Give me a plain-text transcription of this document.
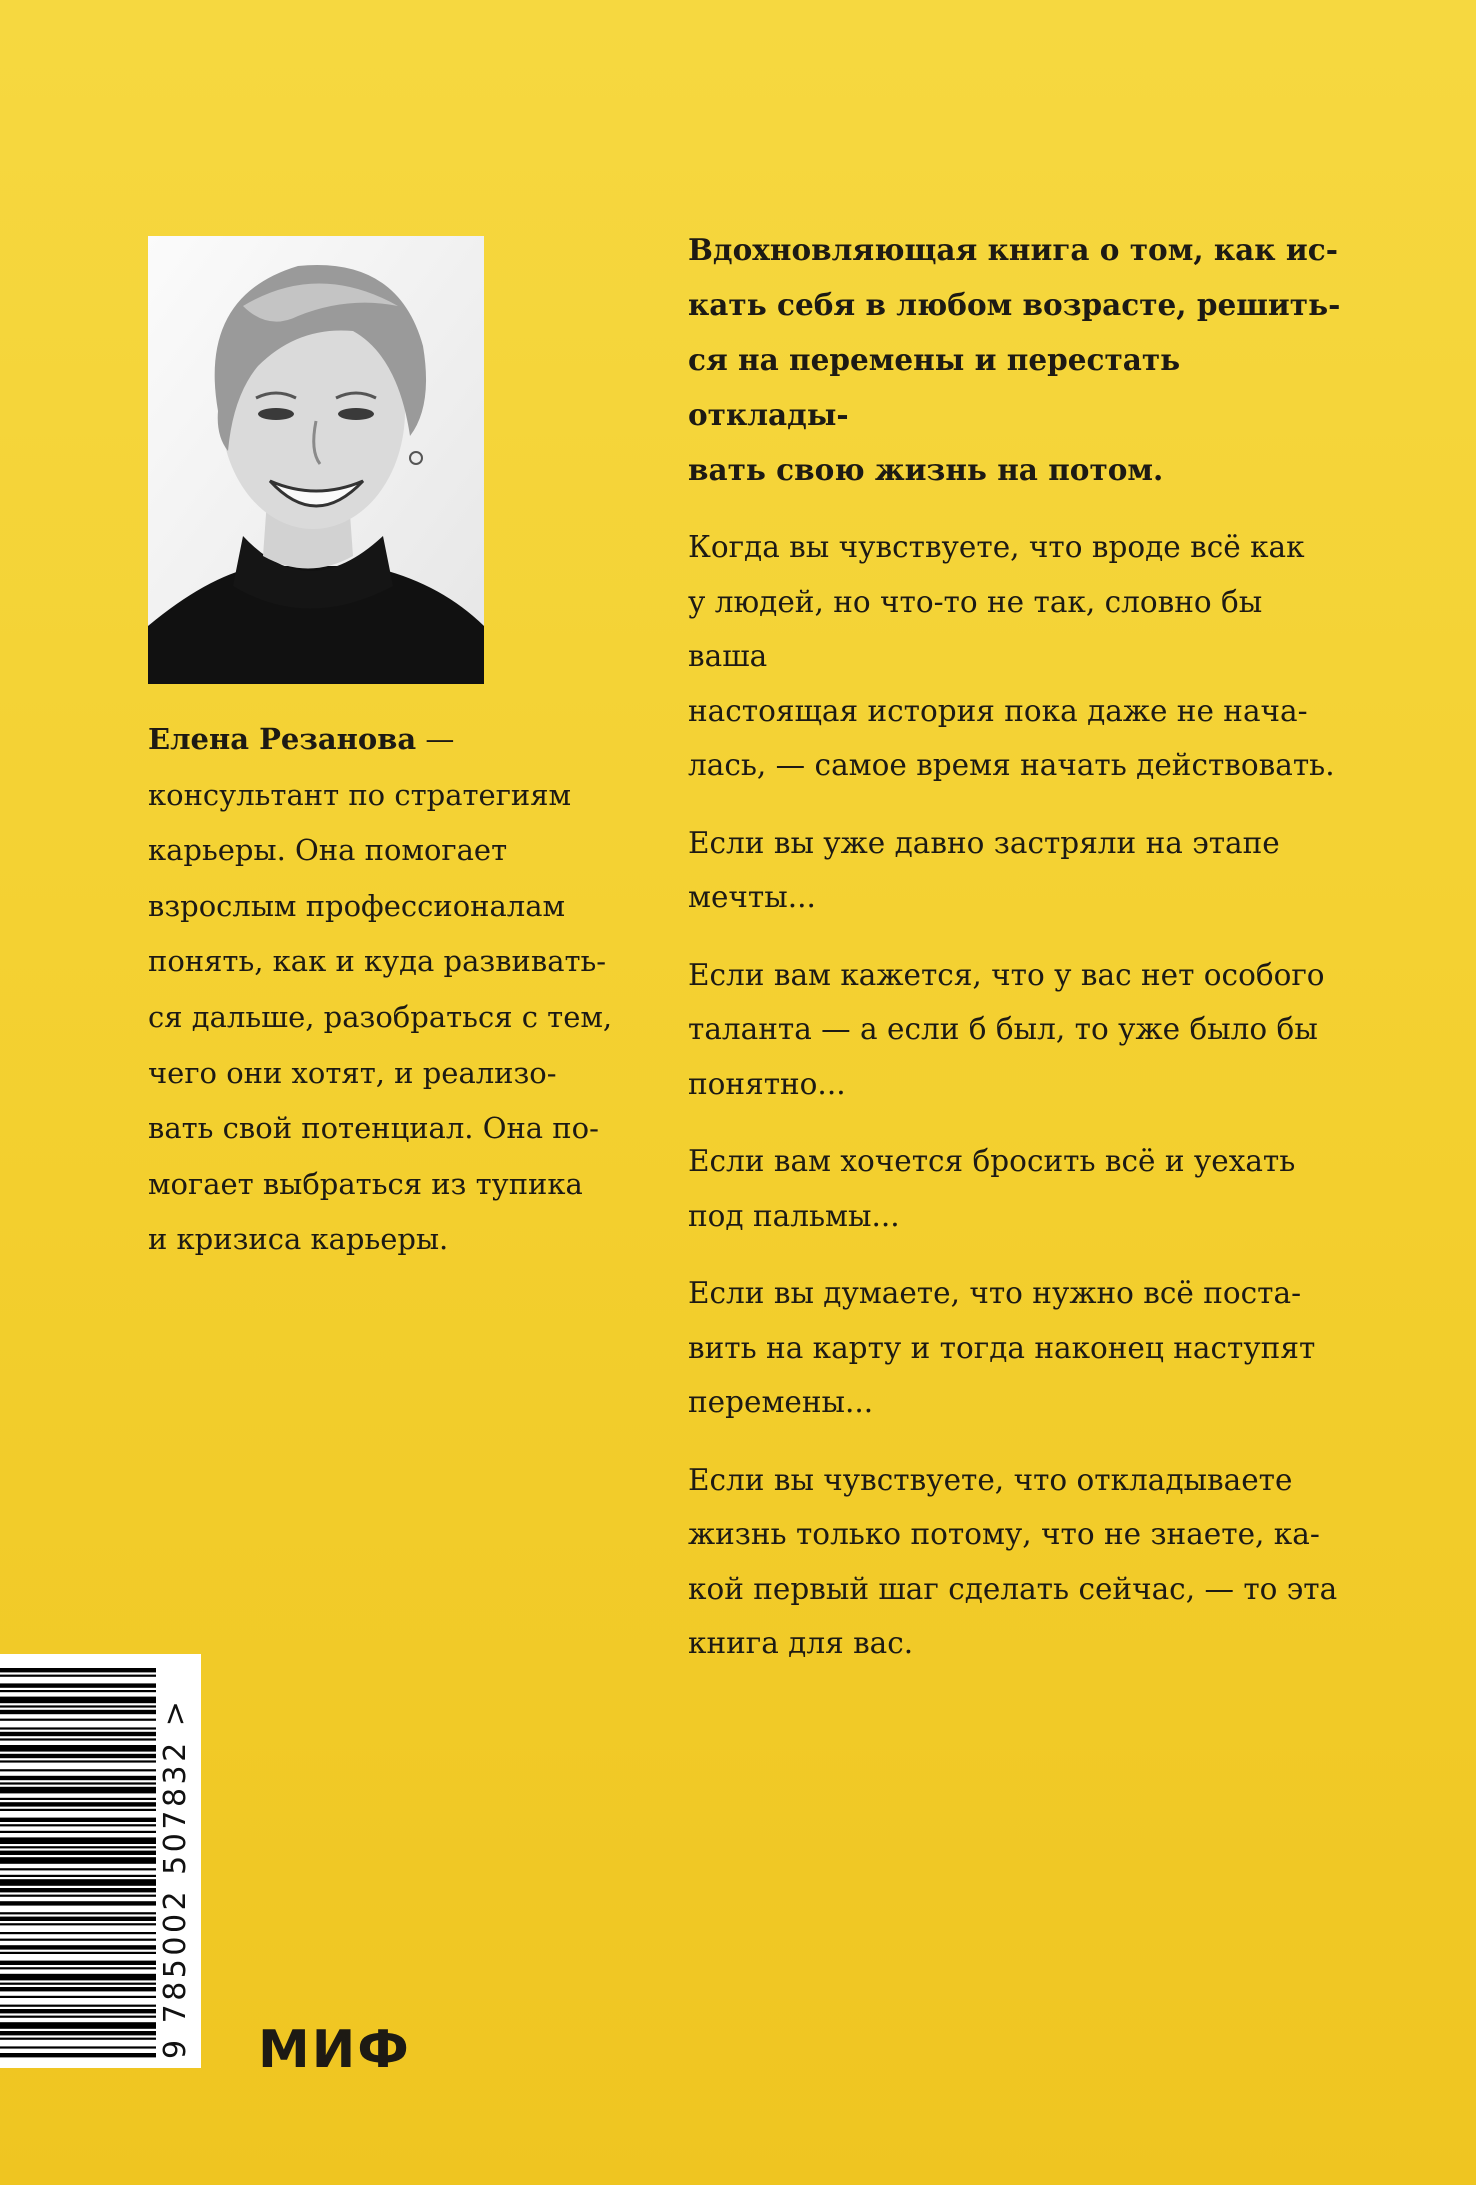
Елена Резанова —
консультант по стратегиям
карьеры. Она помогает
взрослым профессионалам
понять, как и куда развивать-
ся дальше, разобраться с тем,
чего они хотят, и реализо-
вать свой потенциал. Она по-
могает выбраться из тупика
и кризиса карьеры.

Вдохновляющая книга о том, как ис-
кать себя в любом возрасте, решить-
ся на перемены и перестать отклады-
вать свою жизнь на потом.

Когда вы чувствуете, что вроде всё как
у людей, но что-то не так, словно бы ваша
настоящая история пока даже не нача-
лась, — самое время начать действовать.

Если вы уже давно застряли на этапе
мечты...

Если вам кажется, что у вас нет особого
таланта — а если б был, то уже было бы
понятно...

Если вам хочется бросить всё и уехать
под пальмы...

Если вы думаете, что нужно всё поста-
вить на карту и тогда наконец наступят
перемены...

Если вы чувствуете, что откладываете
жизнь только потому, что не знаете, ка-
кой первый шаг сделать сейчас, — то эта
книга для вас.

9 785002 507832 > МИФ
